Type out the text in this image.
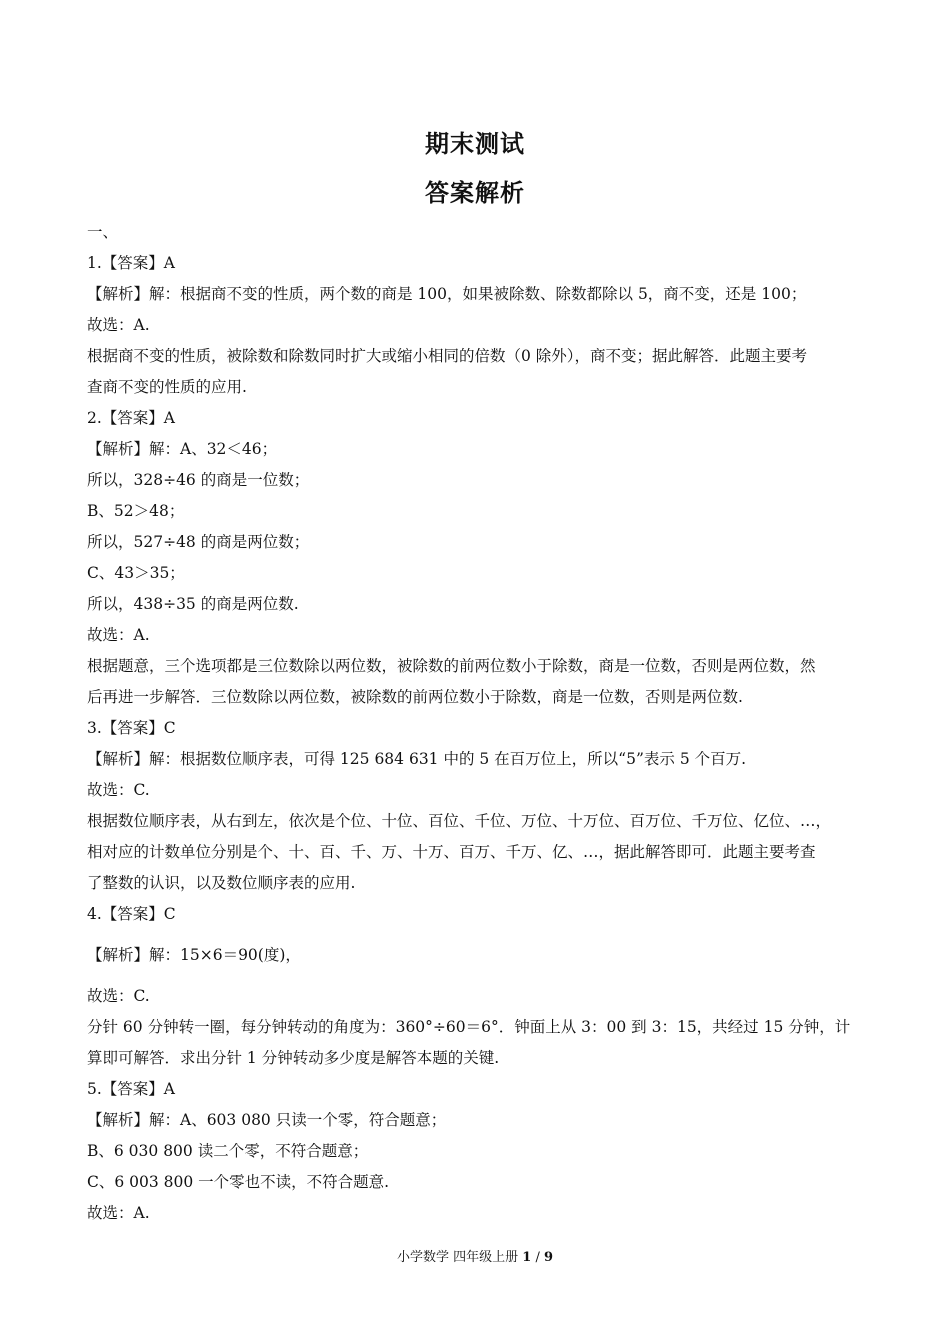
期末测试
答案解析
一、
1.【答案】A
【解析】解：根据商不变的性质，两个数的商是 100，如果被除数、除数都除以 5，商不变，还是 100；
故选：A.
根据商不变的性质，被除数和除数同时扩大或缩小相同的倍数（0 除外），商不变；据此解答．此题主要考
查商不变的性质的应用.
2.【答案】A
【解析】解：A、32＜46；
所以，328÷46 的商是一位数；
B、52＞48；
所以，527÷48 的商是两位数；
C、43＞35；
所以，438÷35 的商是两位数.
故选：A.
根据题意，三个选项都是三位数除以两位数，被除数的前两位数小于除数，商是一位数，否则是两位数，然
后再进一步解答．三位数除以两位数，被除数的前两位数小于除数，商是一位数，否则是两位数.
3.【答案】C
【解析】解：根据数位顺序表，可得 125 684 631 中的 5 在百万位上，所以“5”表示 5 个百万.
故选：C.
根据数位顺序表，从右到左，依次是个位、十位、百位、千位、万位、十万位、百万位、千万位、亿位、…，
相对应的计数单位分别是个、十、百、千、万、十万、百万、千万、亿、…，据此解答即可．此题主要考查
了整数的认识，以及数位顺序表的应用.
4.【答案】C
【解析】解：15×6＝90(度)，
故选：C.
分针 60 分钟转一圈，每分钟转动的角度为：360°÷60＝6°．钟面上从 3：00 到 3：15，共经过 15 分钟，计
算即可解答．求出分针 1 分钟转动多少度是解答本题的关键.
5.【答案】A
【解析】解：A、603 080 只读一个零，符合题意；
B、6 030 800 读二个零，不符合题意；
C、6 003 800 一个零也不读，不符合题意.
故选：A.
小学数学 四年级上册 1 / 9
